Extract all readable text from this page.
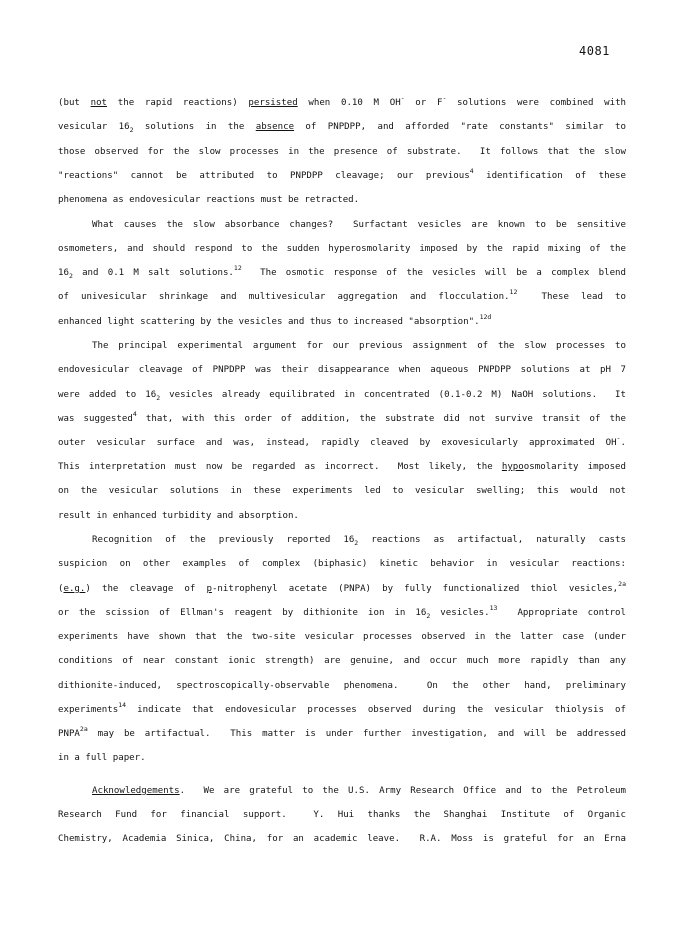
4081
(but not the rapid reactions) persisted when 0.10 M OH- or F- solutions were combined with
vesicular $16_2$ solutions in the absence of PNPDPP, and afforded "rate constants" similar to
those observed for the slow processes in the presence of substrate.  It follows that the slow
"reactions" cannot be attributed to PNPDPP cleavage; our previous$^4$ identification of these
phenomena as endovesicular reactions must be retracted.
What causes the slow absorbance changes?  Surfactant vesicles are known to be sensitive
osmometers, and should respond to the sudden hyperosmolarity imposed by the rapid mixing of the
$16_2$ and 0.1 M salt solutions.$^{12}$  The osmotic response of the vesicles will be a complex blend
of univesicular shrinkage and multivesicular aggregation and flocculation.$^{12}$  These lead to
enhanced light scattering by the vesicles and thus to increased "absorption".$^{12d}$
The principal experimental argument for our previous assignment of the slow processes to
endovesicular cleavage of PNPDPP was their disappearance when aqueous PNPDPP solutions at pH 7
were added to $16_2$ vesicles already equilibrated in concentrated (0.1-0.2 M) NaOH solutions.  It
was suggested$^4$ that, with this order of addition, the substrate did not survive transit of the
outer vesicular surface and was, instead, rapidly cleaved by exovesicularly approximated OH-.
This interpretation must now be regarded as incorrect.  Most likely, the hypoosmolarity imposed
on the vesicular solutions in these experiments led to vesicular swelling; this would not
result in enhanced turbidity and absorption.
Recognition of the previously reported $16_2$ reactions as artifactual, naturally casts
suspicion on other examples of complex (biphasic) kinetic behavior in vesicular reactions:
(e.g.) the cleavage of p-nitrophenyl acetate (PNPA) by fully functionalized thiol vesicles,$^{2a}$
or the scission of Ellman's reagent by dithionite ion in $16_2$ vesicles.$^{13}$  Appropriate control
experiments have shown that the two-site vesicular processes observed in the latter case (under
conditions of near constant ionic strength) are genuine, and occur much more rapidly than any
dithionite-induced, spectroscopically-observable phenomena.  On the other hand, preliminary
experiments$^{14}$ indicate that endovesicular processes observed during the vesicular thiolysis of
$PNPA^{2a}$ may be artifactual.  This matter is under further investigation, and will be addressed
in a full paper.
Acknowledgements.  We are grateful to the U.S. Army Research Office and to the Petroleum
Research Fund for financial support.  Y. Hui thanks the Shanghai Institute of Organic
Chemistry, Academia Sinica, China, for an academic leave.  R.A. Moss is grateful for an Erna
